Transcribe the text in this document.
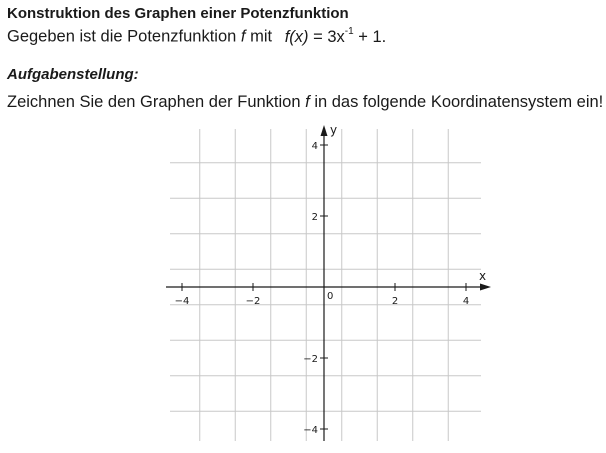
Konstruktion des Graphen einer Potenzfunktion
Gegeben ist die Potenzfunktion f mit $f(x) = 3x^{-1} + 1$.
Aufgabenstellung:
Zeichnen Sie den Graphen der Funktion f in das folgende Koordinatensystem ein!
−4	−2	2	4
4
2
−2
−4
x
y
0
